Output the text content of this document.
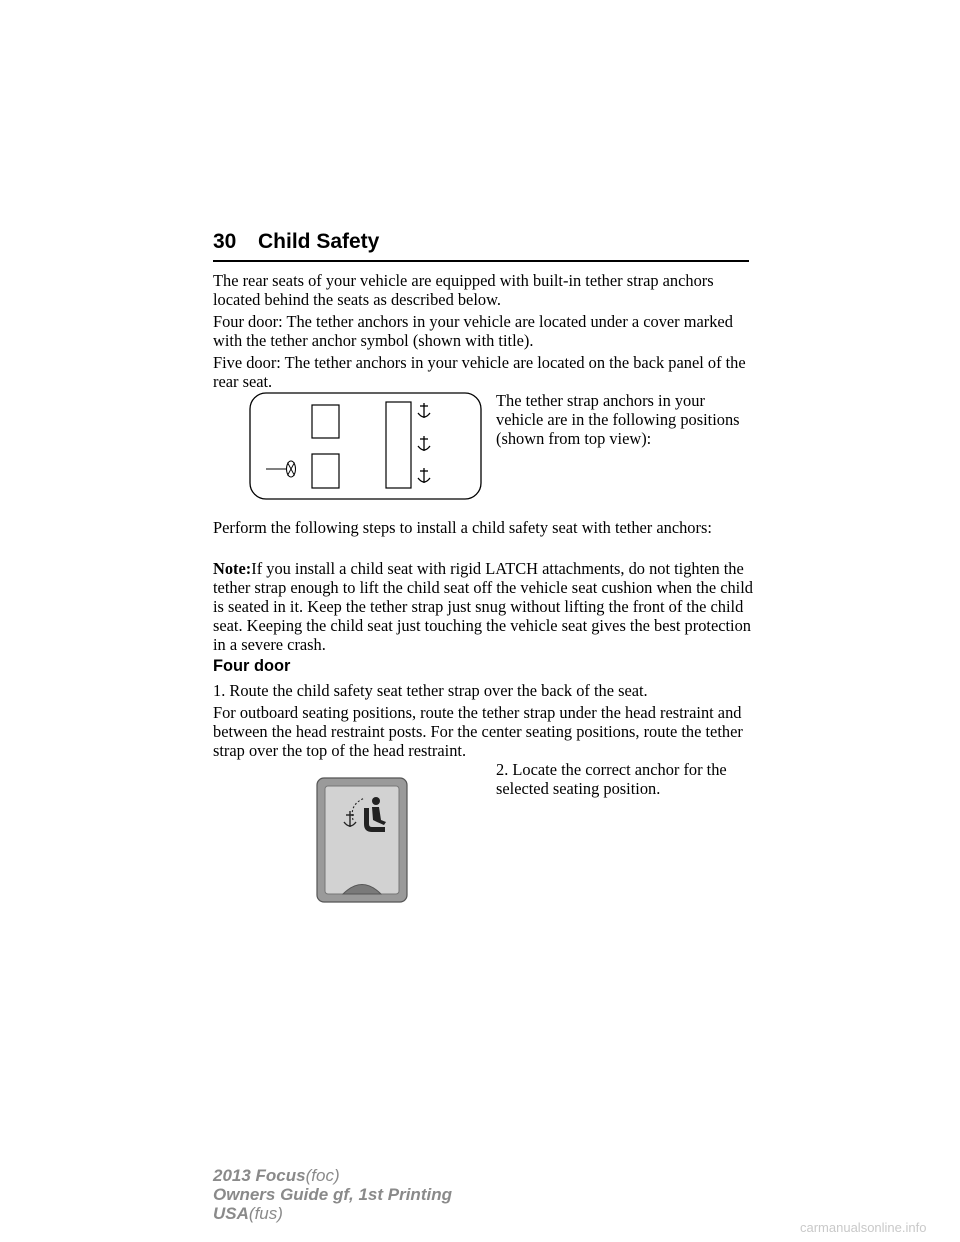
30 Child Safety

The rear seats of your vehicle are equipped with built-in tether strap anchors located behind the seats as described below.

Four door: The tether anchors in your vehicle are located under a cover marked with the tether anchor symbol (shown with title).

Five door: The tether anchors in your vehicle are located on the back panel of the rear seat.

The tether strap anchors in your vehicle are in the following positions (shown from top view):

Perform the following steps to install a child safety seat with tether anchors:

Note:If you install a child seat with rigid LATCH attachments, do not tighten the tether strap enough to lift the child seat off the vehicle seat cushion when the child is seated in it. Keep the tether strap just snug without lifting the front of the child seat. Keeping the child seat just touching the vehicle seat gives the best protection in a severe crash.

Four door

1. Route the child safety seat tether strap over the back of the seat.

For outboard seating positions, route the tether strap under the head restraint and between the head restraint posts. For the center seating positions, route the tether strap over the top of the head restraint.

2. Locate the correct anchor for the selected seating position.

2013 Focus(foc)
Owners Guide gf, 1st Printing
USA(fus)
carmanualsonline.info
